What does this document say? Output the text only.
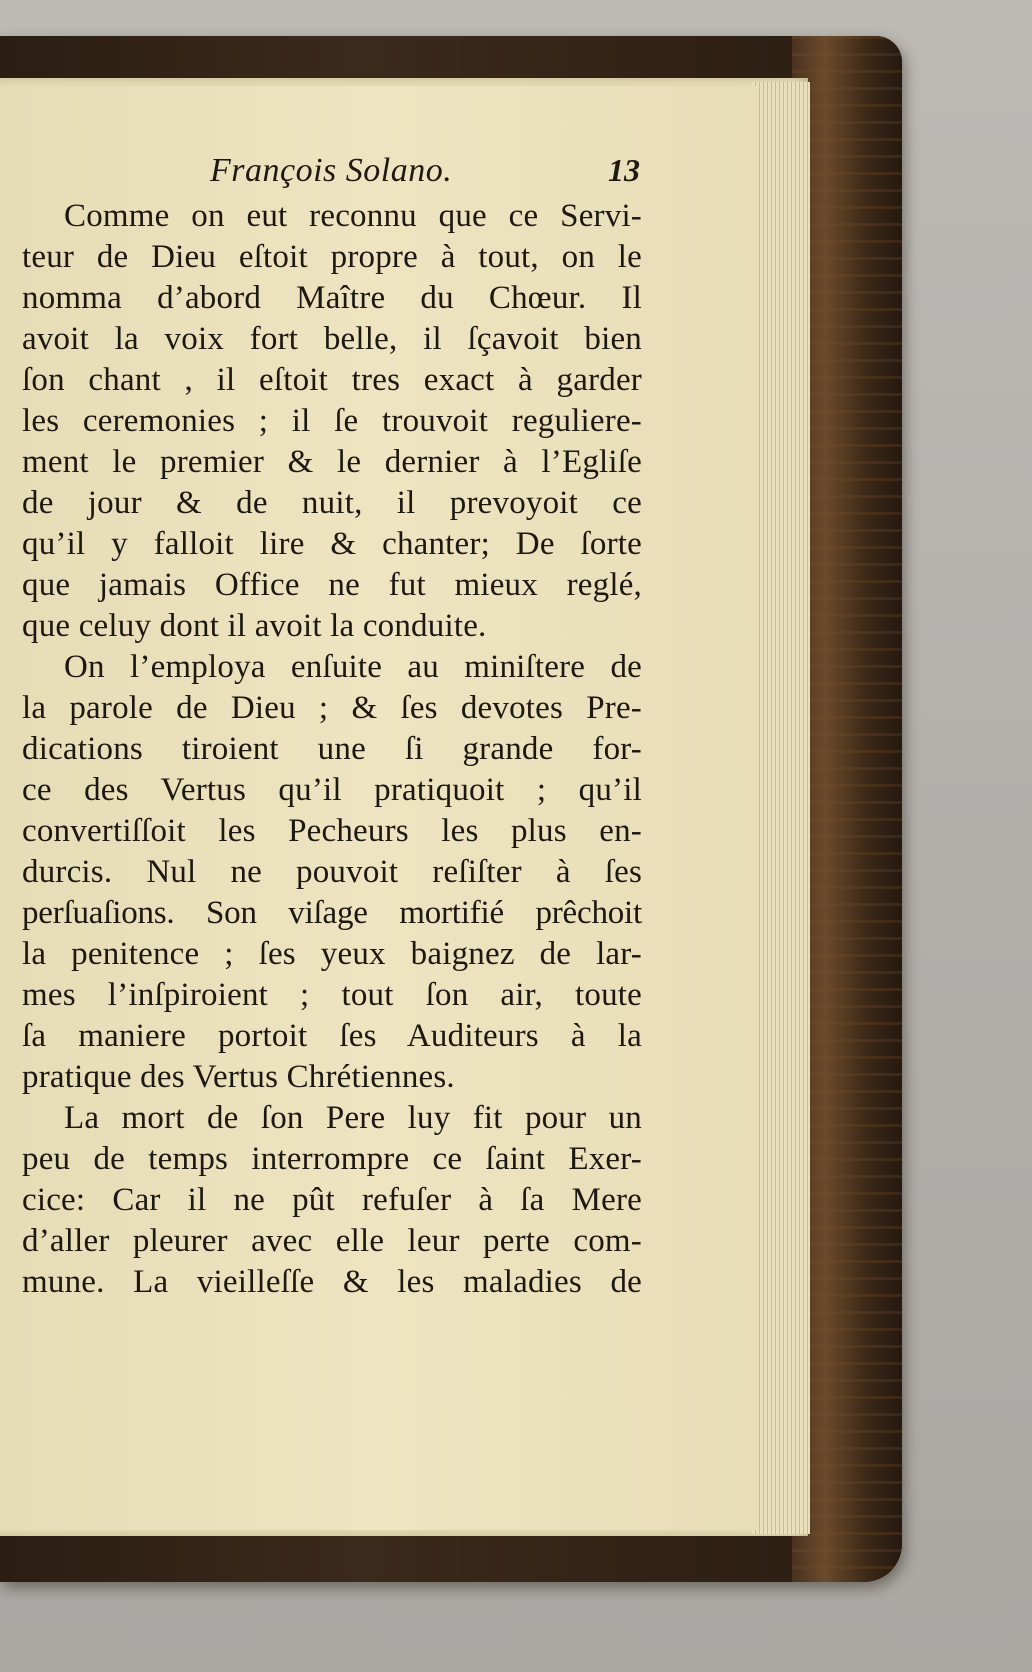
François Solano.	13
Comme on eut reconnu que ce Servi-
teur de Dieu eſtoit propre à tout, on le
nomma d’abord Maître du Chœur. Il
avoit la voix fort belle, il ſçavoit bien
ſon chant , il eſtoit tres exact à garder
les ceremonies ; il ſe trouvoit reguliere-
ment le premier & le dernier à l’Egliſe
de jour & de nuit, il prevoyoit ce
qu’il y falloit lire & chanter; De ſorte
que jamais Office ne fut mieux reglé,
que celuy dont il avoit la conduite.
On l’employa enſuite au miniſtere de
la parole de Dieu ; & ſes devotes Pre-
dications tiroient une ſi grande for-
ce des Vertus qu’il pratiquoit ; qu’il
convertiſſoit les Pecheurs les plus en-
durcis. Nul ne pouvoit reſiſter à ſes
perſuaſions. Son viſage mortifié prêchoit
la penitence ; ſes yeux baignez de lar-
mes l’inſpiroient ; tout ſon air, toute
ſa maniere portoit ſes Auditeurs à la
pratique des Vertus Chrétiennes.
La mort de ſon Pere luy fit pour un
peu de temps interrompre ce ſaint Exer-
cice: Car il ne pût refuſer à ſa Mere
d’aller pleurer avec elle leur perte com-
mune. La vieilleſſe & les maladies de
